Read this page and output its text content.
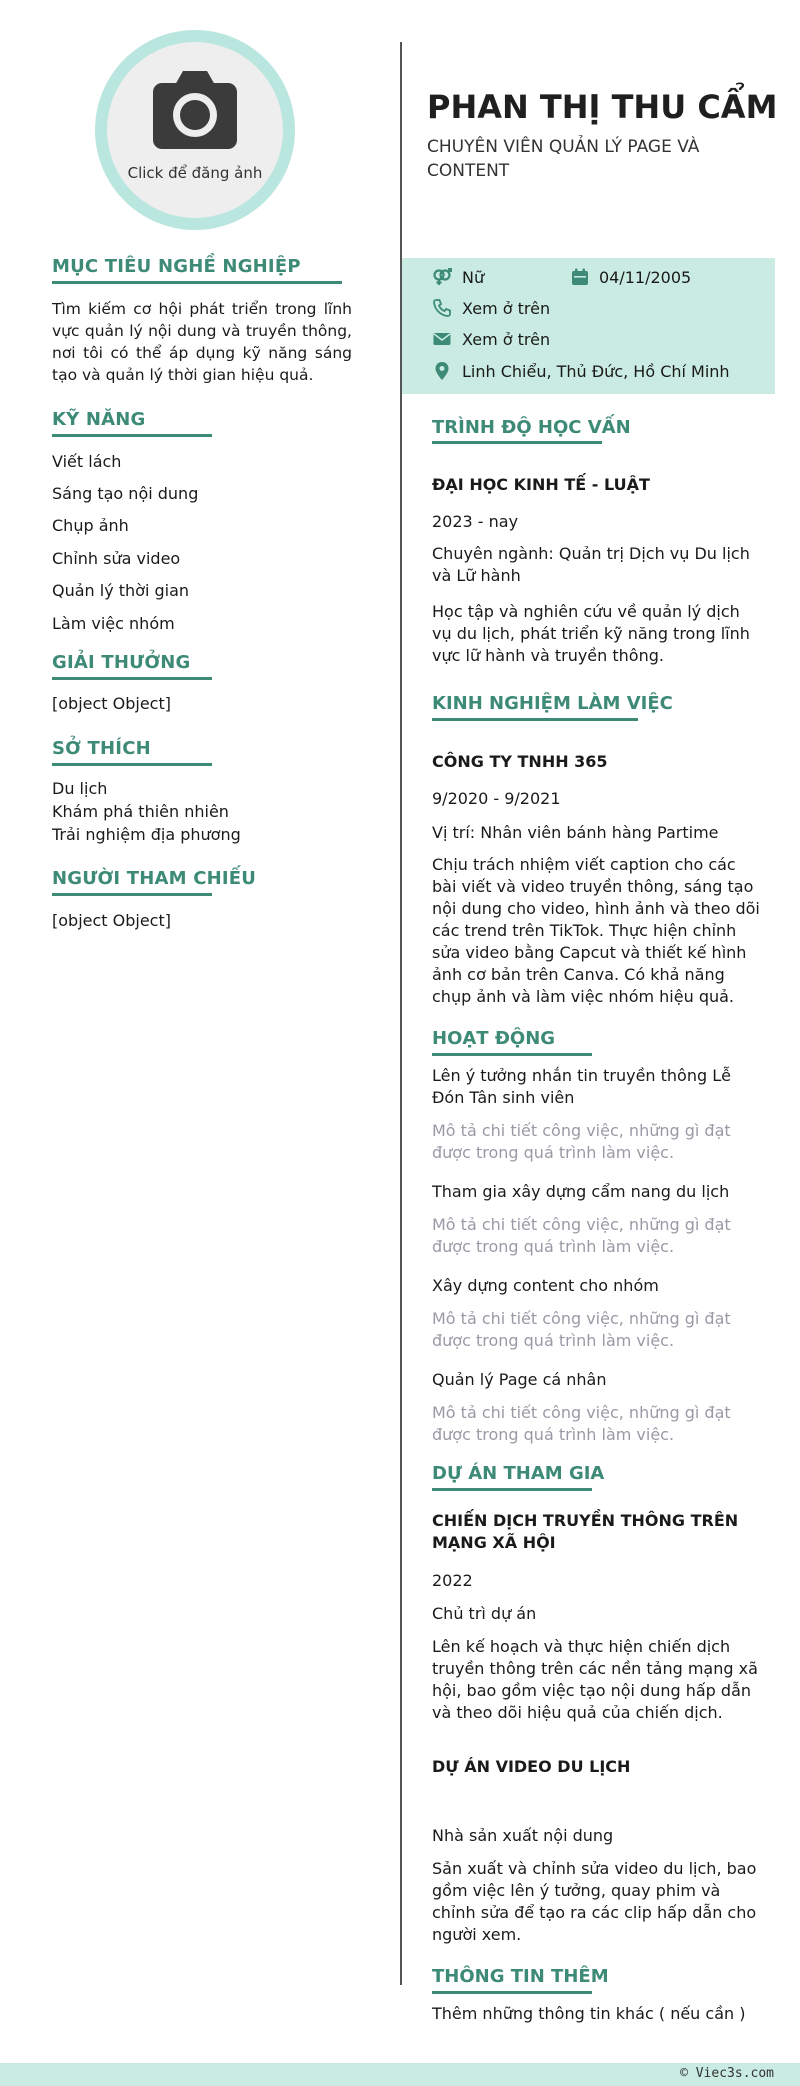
Click để đăng ảnh
MỤC TIÊU NGHỀ NGHIỆP
Tìm kiếm cơ hội phát triển trong lĩnh vực quản lý nội dung và truyền thông, nơi tôi có thể áp dụng kỹ năng sáng tạo và quản lý thời gian hiệu quả.
KỸ NĂNG
Viết lách
Sáng tạo nội dung
Chụp ảnh
Chỉnh sửa video
Quản lý thời gian
Làm việc nhóm
GIẢI THƯỞNG
[object Object]
SỞ THÍCH
Du lịch
Khám phá thiên nhiên
Trải nghiệm địa phương
NGƯỜI THAM CHIẾU
[object Object]
PHAN THỊ THU CẨM
CHUYÊN VIÊN QUẢN LÝ PAGE VÀ CONTENT
Nữ	04/11/2005
Xem ở trên
Xem ở trên
Linh Chiểu, Thủ Đức, Hồ Chí Minh
TRÌNH ĐỘ HỌC VẤN
ĐẠI HỌC KINH TẾ - LUẬT
2023 - nay
Chuyên ngành: Quản trị Dịch vụ Du lịch và Lữ hành
Học tập và nghiên cứu về quản lý dịch vụ du lịch, phát triển kỹ năng trong lĩnh vực lữ hành và truyền thông.
KINH NGHIỆM LÀM VIỆC
CÔNG TY TNHH 365
9/2020 - 9/2021
Vị trí: Nhân viên bánh hàng Partime
Chịu trách nhiệm viết caption cho các bài viết và video truyền thông, sáng tạo nội dung cho video, hình ảnh và theo dõi các trend trên TikTok. Thực hiện chỉnh sửa video bằng Capcut và thiết kế hình ảnh cơ bản trên Canva. Có khả năng chụp ảnh và làm việc nhóm hiệu quả.
HOẠT ĐỘNG
Lên ý tưởng nhắn tin truyền thông Lễ Đón Tân sinh viên
Mô tả chi tiết công việc, những gì đạt được trong quá trình làm việc.
Tham gia xây dựng cẩm nang du lịch
Mô tả chi tiết công việc, những gì đạt được trong quá trình làm việc.
Xây dựng content cho nhóm
Mô tả chi tiết công việc, những gì đạt được trong quá trình làm việc.
Quản lý Page cá nhân
Mô tả chi tiết công việc, những gì đạt được trong quá trình làm việc.
DỰ ÁN THAM GIA
CHIẾN DỊCH TRUYỀN THÔNG TRÊN MẠNG XÃ HỘI
2022
Chủ trì dự án
Lên kế hoạch và thực hiện chiến dịch truyền thông trên các nền tảng mạng xã hội, bao gồm việc tạo nội dung hấp dẫn và theo dõi hiệu quả của chiến dịch.
DỰ ÁN VIDEO DU LỊCH
Nhà sản xuất nội dung
Sản xuất và chỉnh sửa video du lịch, bao gồm việc lên ý tưởng, quay phim và chỉnh sửa để tạo ra các clip hấp dẫn cho người xem.
THÔNG TIN THÊM
Thêm những thông tin khác ( nếu cần )
© Viec3s.com
